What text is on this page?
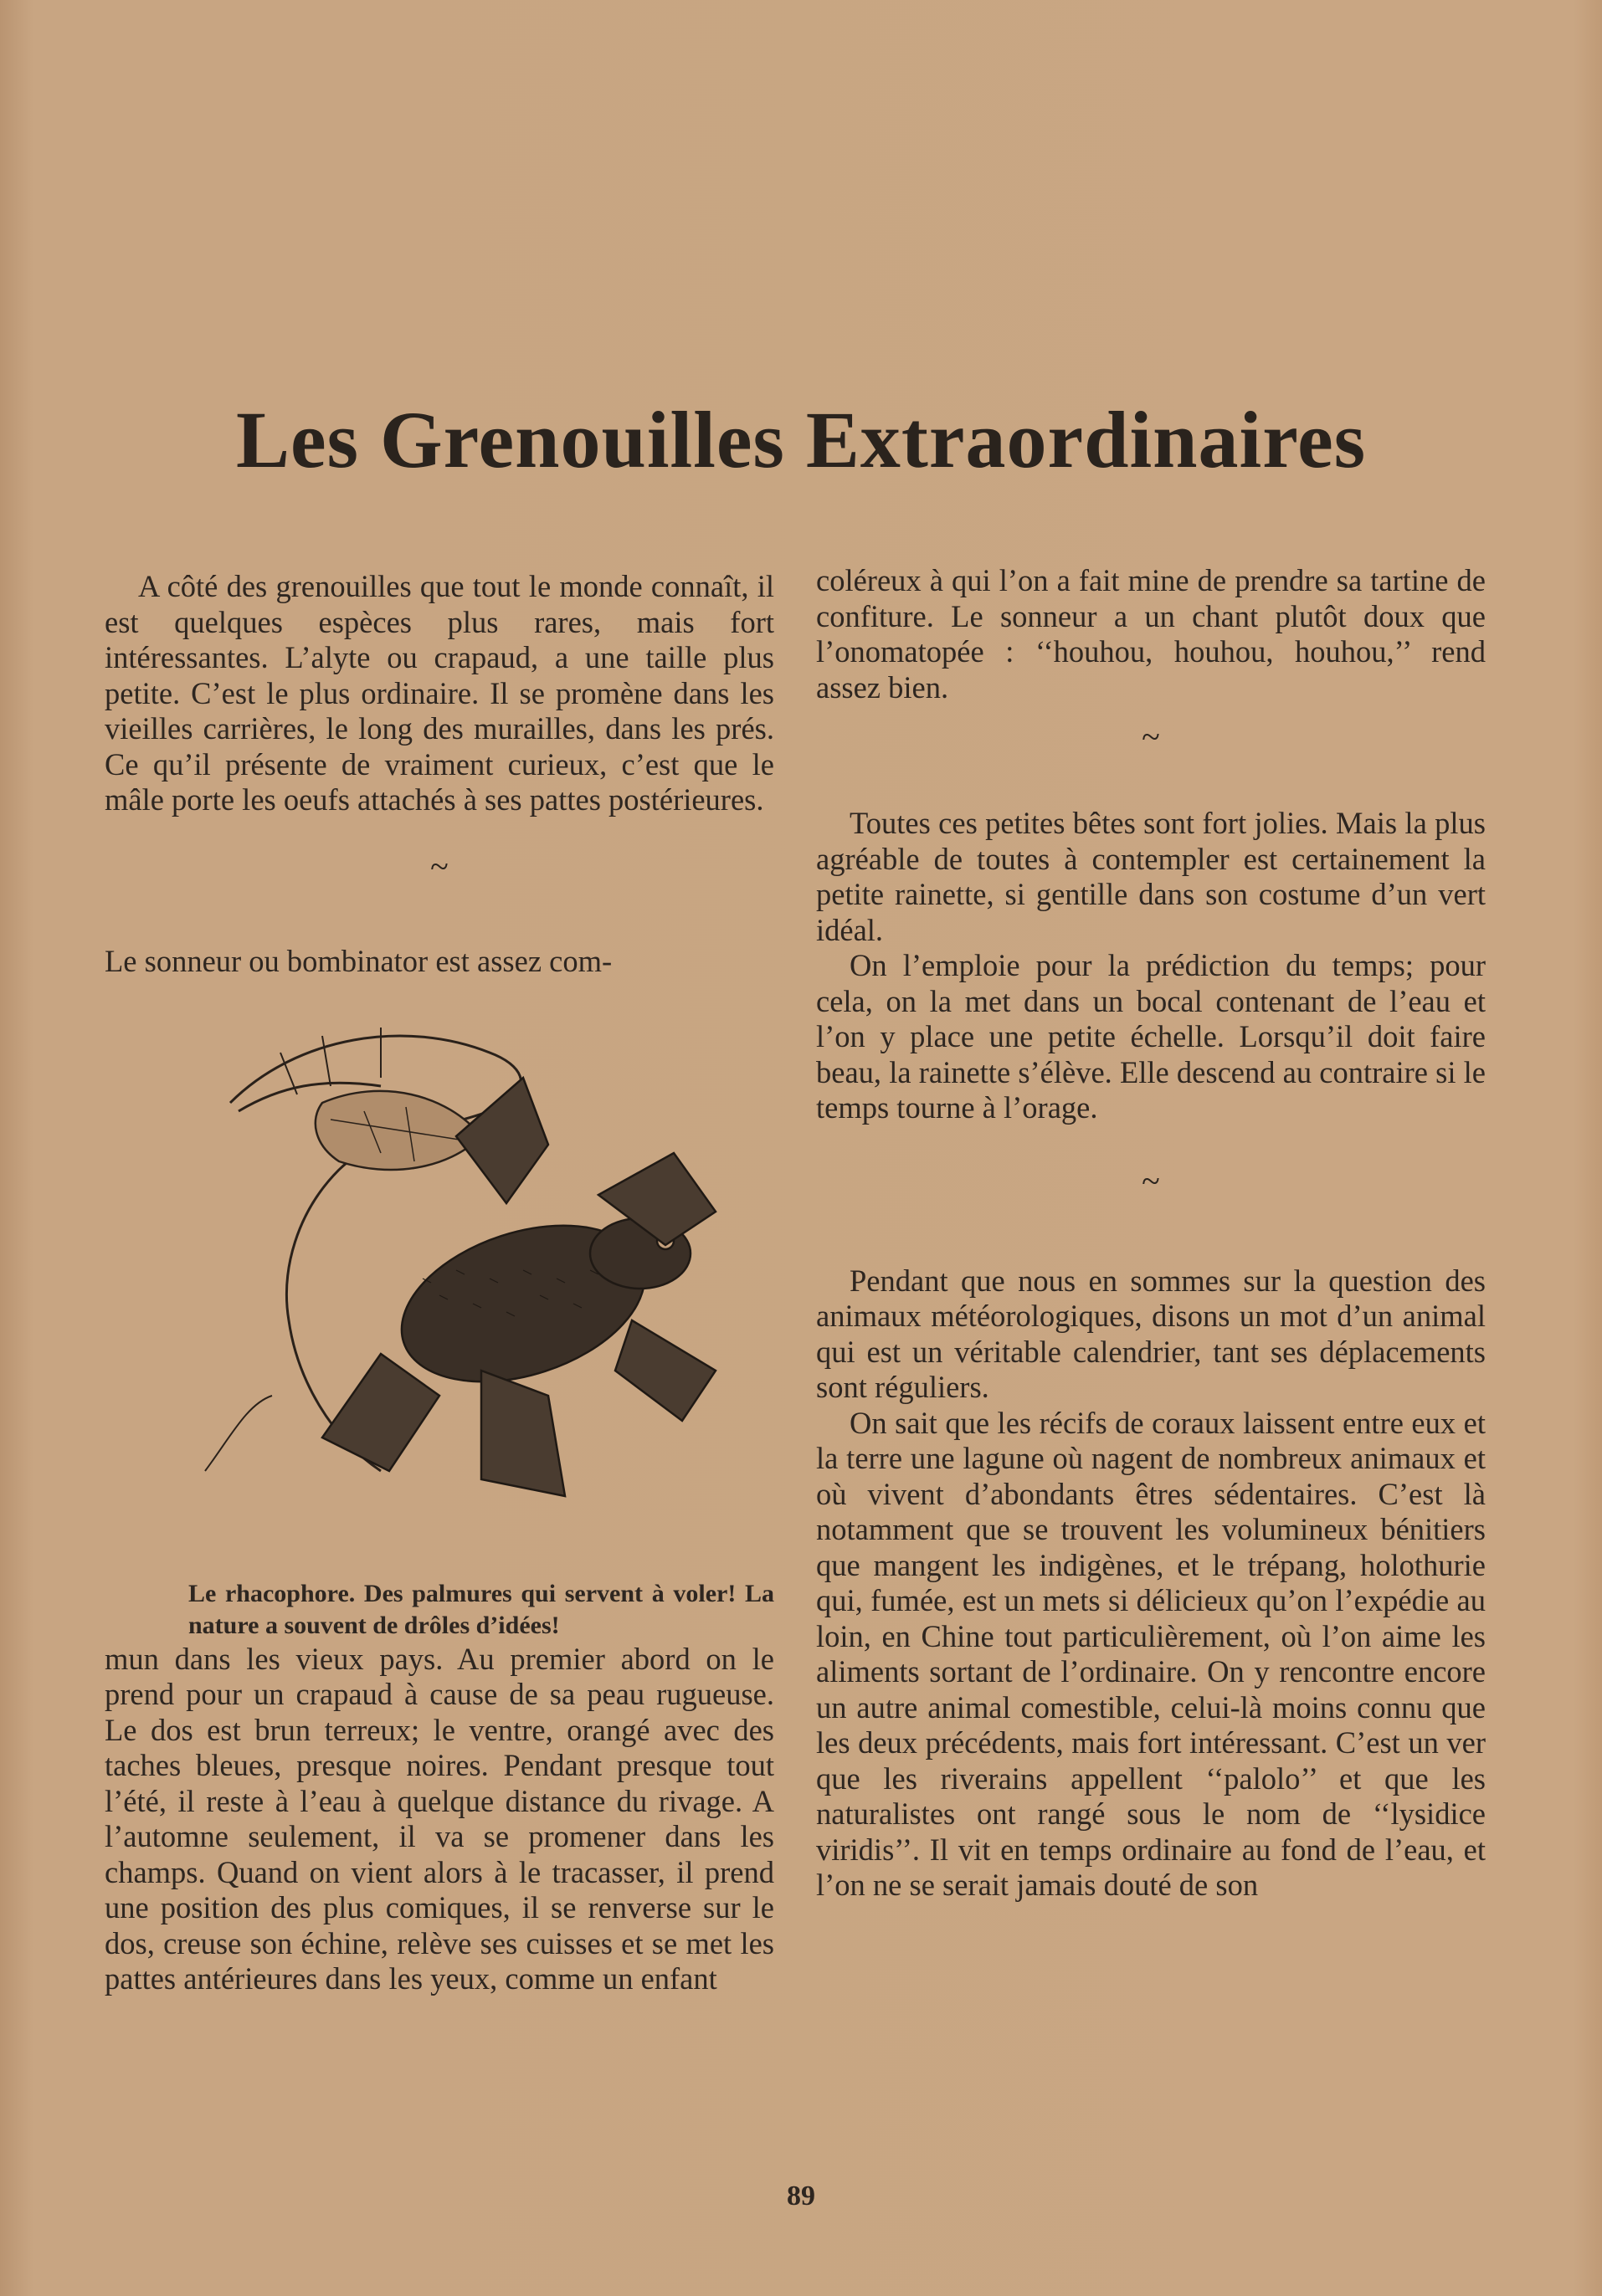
Les Grenouilles Extraordinaires

A côté des grenouilles que tout le monde connaît, il est quelques espèces plus rares, mais fort intéressantes. L’alyte ou crapaud, a une taille plus petite. C’est le plus ordinaire. Il se promène dans les vieilles carrières, le long des murailles, dans les prés. Ce qu’il présente de vraiment curieux, c’est que le mâle porte les oeufs attachés à ses pattes postérieures.

~

Le sonneur ou bombinator est assez com-

Le rhacophore. Des palmures qui servent à voler! La nature a souvent de drôles d’idées!

mun dans les vieux pays. Au premier abord on le prend pour un crapaud à cause de sa peau rugueuse. Le dos est brun terreux; le ventre, orangé avec des taches bleues, presque noires. Pendant presque tout l’été, il reste à l’eau à quelque distance du rivage. A l’automne seulement, il va se promener dans les champs. Quand on vient alors à le tracasser, il prend une position des plus comiques, il se renverse sur le dos, creuse son échine, relève ses cuisses et se met les pattes antérieures dans les yeux, comme un enfant

coléreux à qui l’on a fait mine de prendre sa tartine de confiture. Le sonneur a un chant plutôt doux que l’onomatopée : ‘‘houhou, houhou, houhou,’’ rend assez bien.

~

Toutes ces petites bêtes sont fort jolies. Mais la plus agréable de toutes à contempler est certainement la petite rainette, si gentille dans son costume d’un vert idéal.

On l’emploie pour la prédiction du temps; pour cela, on la met dans un bocal contenant de l’eau et l’on y place une petite échelle. Lorsqu’il doit faire beau, la rainette s’élève. Elle descend au contraire si le temps tourne à l’orage.

~

Pendant que nous en sommes sur la question des animaux météorologiques, disons un mot d’un animal qui est un véritable calendrier, tant ses déplacements sont réguliers.

On sait que les récifs de coraux laissent entre eux et la terre une lagune où nagent de nombreux animaux et où vivent d’abondants êtres sédentaires. C’est là notamment que se trouvent les volumineux bénitiers que mangent les indigènes, et le trépang, holothurie qui, fumée, est un mets si délicieux qu’on l’expédie au loin, en Chine tout particulièrement, où l’on aime les aliments sortant de l’ordinaire. On y rencontre encore un autre animal comestible, celui-là moins connu que les deux précédents, mais fort intéressant. C’est un ver que les riverains appellent ‘‘palolo’’ et que les naturalistes ont rangé sous le nom de ‘‘lysidice viridis’’. Il vit en temps ordinaire au fond de l’eau, et l’on ne se serait jamais douté de son

89
